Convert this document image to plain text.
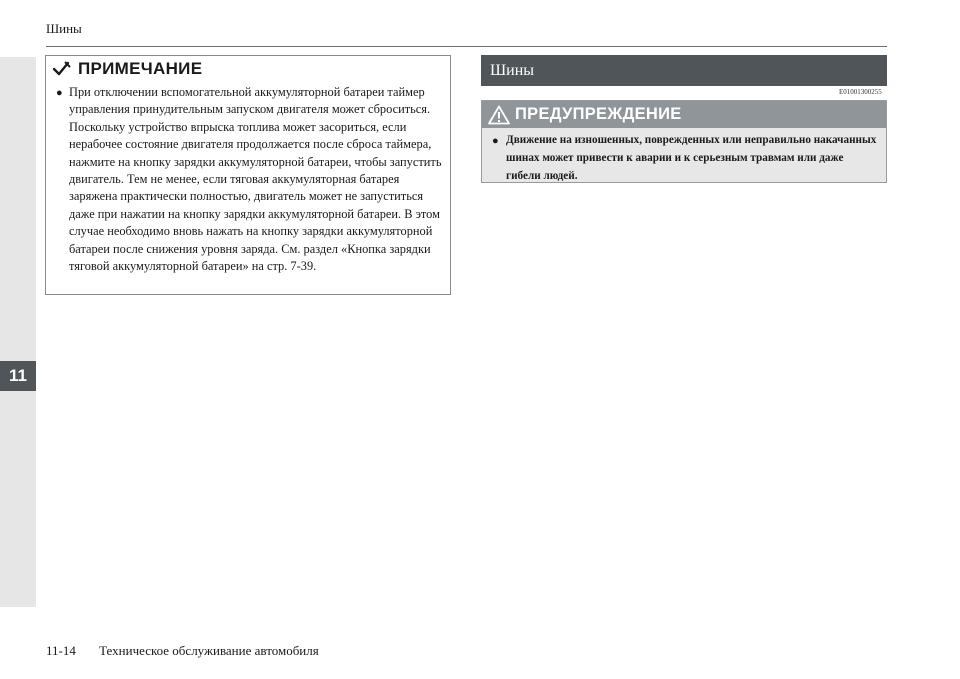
11
Шины
ПРИМЕЧАНИЕ
● При отключении вспомогательной аккумуляторной батареи таймер управления принудительным запуском двигателя может сброситься.

Поскольку устройство впрыска топлива может засориться, если нерабочее состояние двигателя продолжается после сброса таймера, нажмите на кнопку зарядки аккумуляторной батареи, чтобы запустить двигатель. Тем не менее, если тяговая аккумуляторная батарея заряжена практически полностью, двигатель может не запуститься даже при нажатии на кнопку зарядки аккумуляторной батареи. В этом случае необходимо вновь нажать на кнопку зарядки аккумуляторной батареи после снижения уровня заряда. См. раздел «Кнопка зарядки тяговой аккумуляторной батареи» на стр. 7-39.

Шины
E01001300255
ПРЕДУПРЕЖДЕНИЕ
● Движение на изношенных, поврежденных или неправильно накачанных шинах может привести к аварии и к серьезным травмам или даже гибели людей.

11-14 Техническое обслуживание автомобиля
